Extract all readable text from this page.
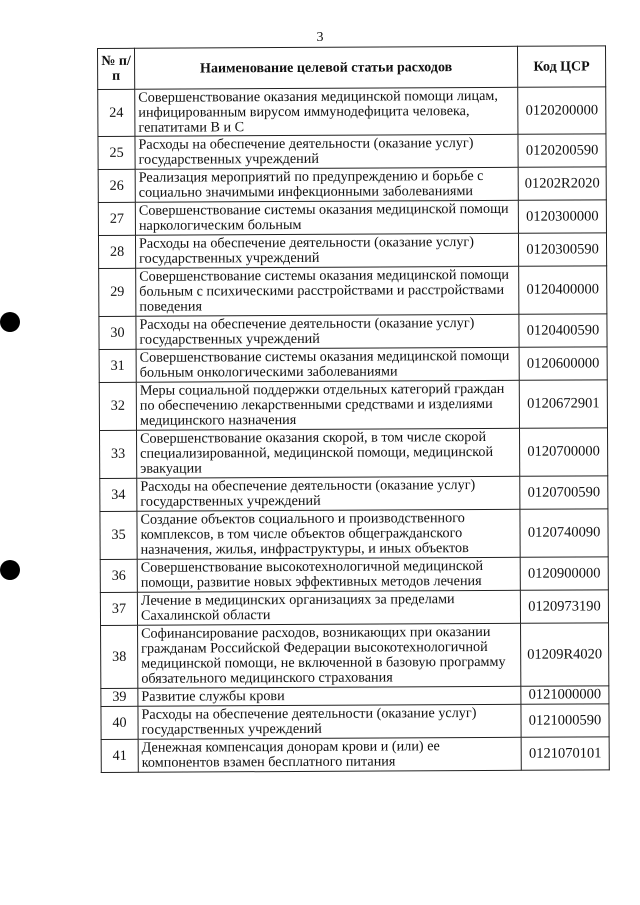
3
№ п/п	Наименование целевой статьи расходов	Код ЦСР
24	Совершенствование оказания медицинской помощи лицам, инфицированным вирусом иммунодефицита человека, гепатитами В и С	0120200000
25	Расходы на обеспечение деятельности (оказание услуг) государственных учреждений	0120200590
26	Реализация мероприятий по предупреждению и борьбе с социально значимыми инфекционными заболеваниями	01202R2020
27	Совершенствование системы оказания медицинской помощи наркологическим больным	0120300000
28	Расходы на обеспечение деятельности (оказание услуг) государственных учреждений	0120300590
29	Совершенствование системы оказания медицинской помощи больным с психическими расстройствами и расстройствами поведения	0120400000
30	Расходы на обеспечение деятельности (оказание услуг) государственных учреждений	0120400590
31	Совершенствование системы оказания медицинской помощи больным онкологическими заболеваниями	0120600000
32	Меры социальной поддержки отдельных категорий граждан по обеспечению лекарственными средствами и изделиями медицинского назначения	0120672901
33	Совершенствование оказания скорой, в том числе скорой специализированной, медицинской помощи, медицинской эвакуации	0120700000
34	Расходы на обеспечение деятельности (оказание услуг) государственных учреждений	0120700590
35	Создание объектов социального и производственного комплексов, в том числе объектов общегражданского назначения, жилья, инфраструктуры, и иных объектов	0120740090
36	Совершенствование высокотехнологичной медицинской помощи, развитие новых эффективных методов лечения	0120900000
37	Лечение в медицинских организациях за пределами Сахалинской области	0120973190
38	Софинансирование расходов, возникающих при оказании гражданам Российской Федерации высокотехнологичной медицинской помощи, не включенной в базовую программу обязательного медицинского страхования	01209R4020
39	Развитие службы крови	0121000000
40	Расходы на обеспечение деятельности (оказание услуг) государственных учреждений	0121000590
41	Денежная компенсация донорам крови и (или) ее компонентов взамен бесплатного питания	0121070101
